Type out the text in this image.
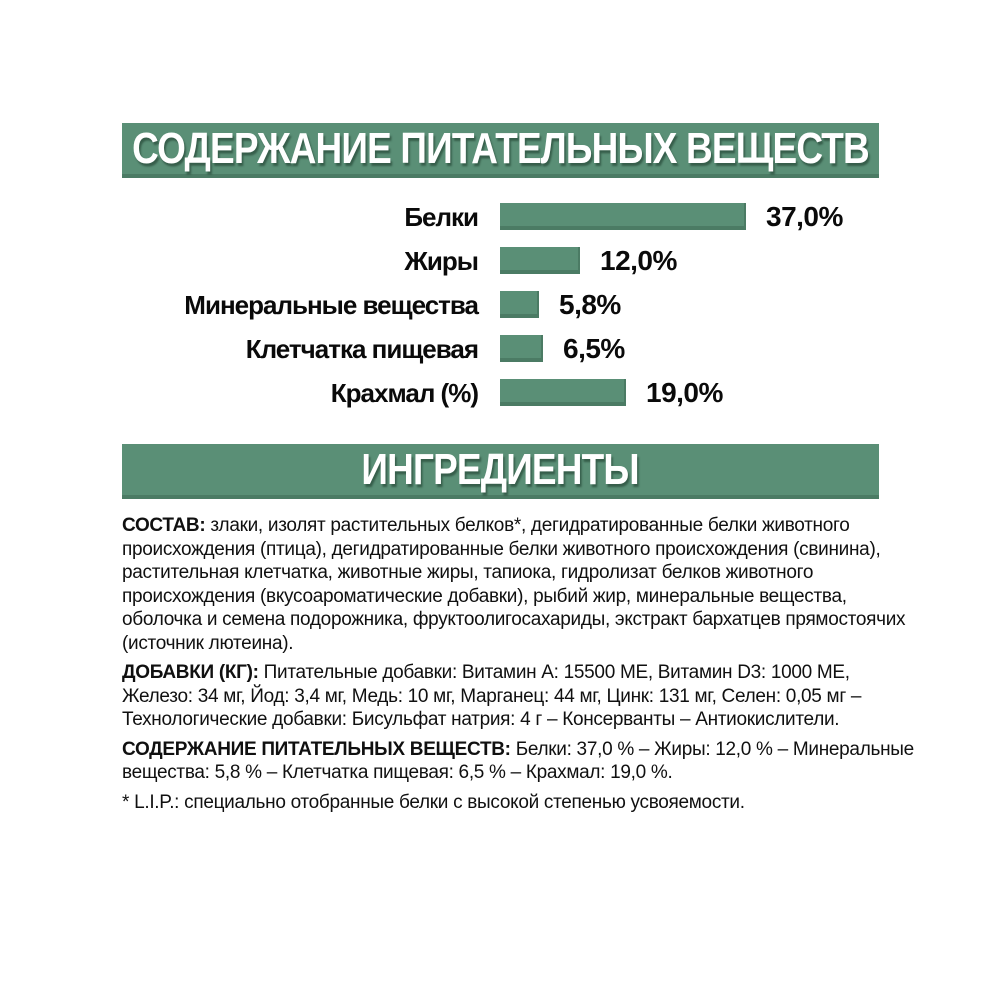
СОДЕРЖАНИЕ ПИТАТЕЛЬНЫХ ВЕЩЕСТВ
Белки	37,0%
Жиры	12,0%
Минеральные вещества	5,8%
Клетчатка пищевая	6,5%
Крахмал (%)	19,0%
ИНГРЕДИЕНТЫ
СОСТАВ: злаки, изолят растительных белков*, дегидратированные белки животного
происхождения (птица), дегидратированные белки животного происхождения (свинина),
растительная клетчатка, животные жиры, тапиока, гидролизат белков животного
происхождения (вкусоароматические добавки), рыбий жир, минеральные вещества,
оболочка и семена подорожника, фруктоолигосахариды, экстракт бархатцев прямостоячих
(источник лютеина).
ДОБАВКИ (КГ): Питательные добавки: Витамин A: 15500 МЕ, Витамин D3: 1000 МЕ,
Железо: 34 мг, Йод: 3,4 мг, Медь: 10 мг, Марганец: 44 мг, Цинк: 131 мг, Селен: 0,05 мг –
Технологические добавки: Бисульфат натрия: 4 г – Консерванты – Антиокислители.
СОДЕРЖАНИЕ ПИТАТЕЛЬНЫХ ВЕЩЕСТВ: Белки: 37,0 % – Жиры: 12,0 % – Минеральные
вещества: 5,8 % – Клетчатка пищевая: 6,5 % – Крахмал: 19,0 %.
* L.I.P.: специально отобранные белки с высокой степенью усвояемости.
